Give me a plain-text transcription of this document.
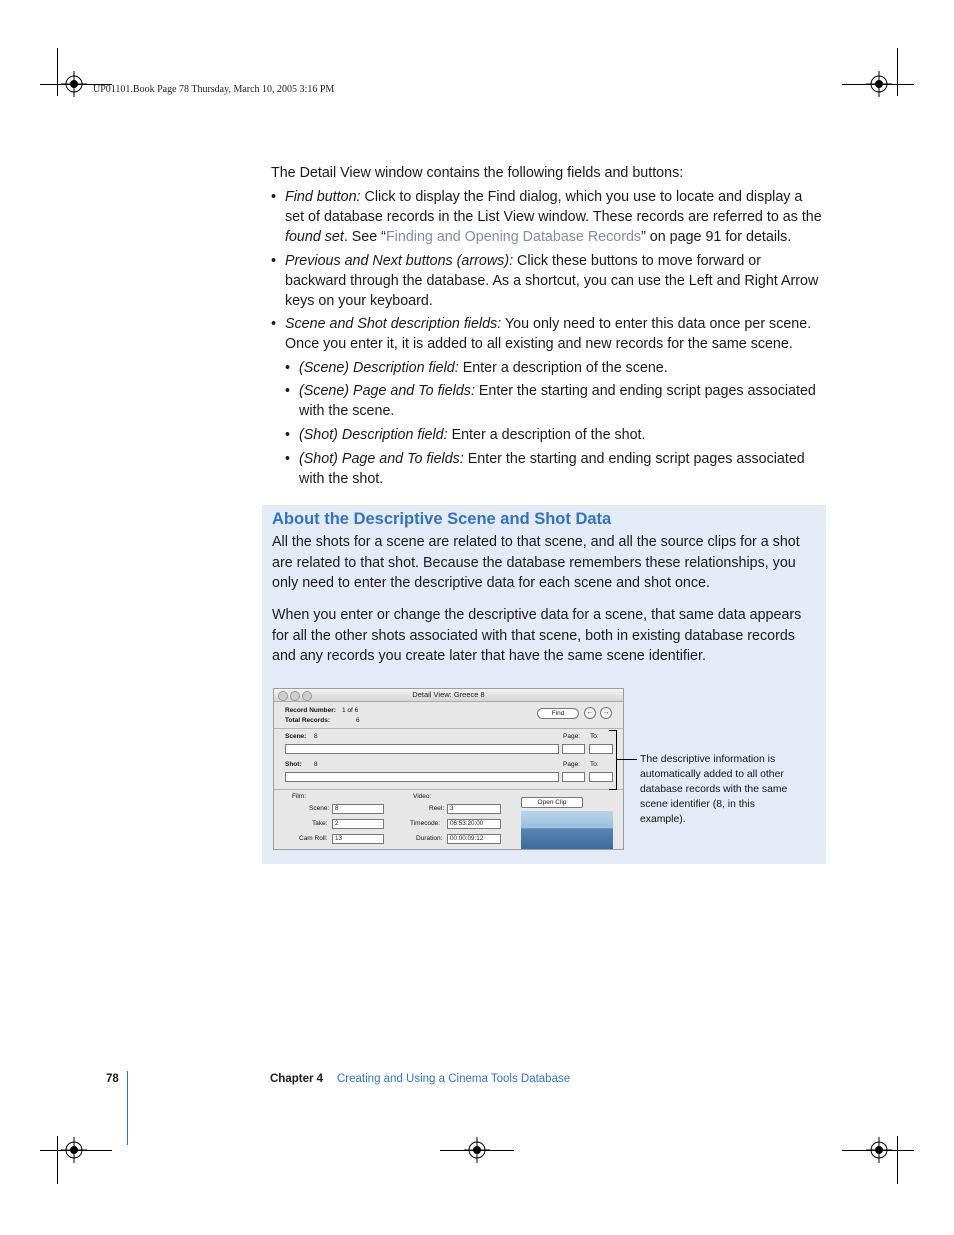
UP01101.Book Page 78 Thursday, March 10, 2005 3:16 PM
The Detail View window contains the following fields and buttons:
• Find button: Click to display the Find dialog, which you use to locate and display a set of database records in the List View window. These records are referred to as the found set. See “Finding and Opening Database Records” on page 91 for details.
• Previous and Next buttons (arrows): Click these buttons to move forward or backward through the database. As a shortcut, you can use the Left and Right Arrow keys on your keyboard.
• Scene and Shot description fields: You only need to enter this data once per scene. Once you enter it, it is added to all existing and new records for the same scene.
• (Scene) Description field: Enter a description of the scene.
• (Scene) Page and To fields: Enter the starting and ending script pages associated with the scene.
• (Shot) Description field: Enter a description of the shot.
• (Shot) Page and To fields: Enter the starting and ending script pages associated with the shot.
About the Descriptive Scene and Shot Data
All the shots for a scene are related to that scene, and all the source clips for a shot are related to that shot. Because the database remembers these relationships, you only need to enter the descriptive data for each scene and shot once.
When you enter or change the descriptive data for a scene, that same data appears for all the other shots associated with that scene, both in existing database records and any records you create later that have the same scene identifier.
Detail View: Greece 8
Record Number: 1 of 6
Total Records:	6
Find	←	→
Scene: 8	Page: To:
Shot: 8	Page: To:
Film:	Video:
Scene: 8
Take:	2
Cam Roll:	13
Reel: 3
Timecode:	06:53:20:00
Duration:	00:00:09:12
Open Clip
The descriptive information is automatically added to all other database records with the same scene identifier (8, in this example).
78	Chapter 4 Creating and Using a Cinema Tools Database
